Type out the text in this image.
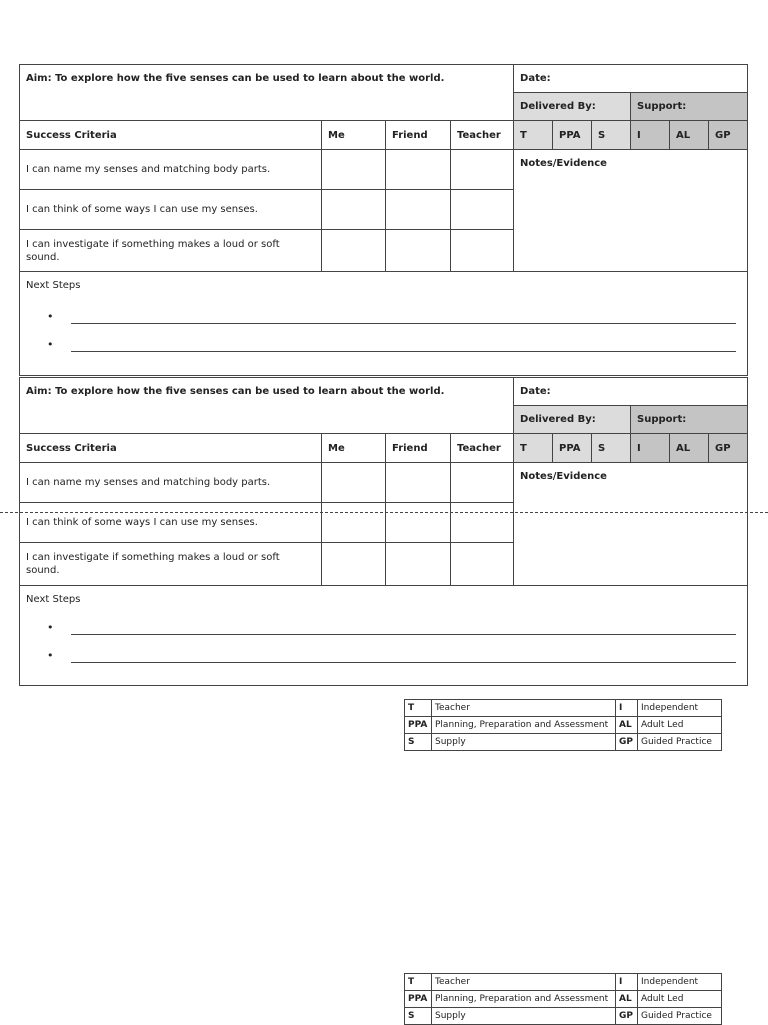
Aim: To explore how the five senses can be used to learn about the world.				Date:					
				Delivered By:			Support:		
Success Criteria	Me	Friend	Teacher	T	PPA	S	I	AL	GP
I can name my senses and matching body parts.				Notes/Evidence					
I can think of some ways I can use my senses.									
I can investigate if something makes a loud or soft sound.									

Next Steps
•
•									
Aim: To explore how the five senses can be used to learn about the world.				Date:					
				Delivered By:			Support:		
Success Criteria	Me	Friend	Teacher	T	PPA	S	I	AL	GP
I can name my senses and matching body parts.				Notes/Evidence					
I can think of some ways I can use my senses.									
I can investigate if something makes a loud or soft sound.									

Next Steps
•
•									
T	Teacher	I	Independent
PPA	Planning, Preparation and Assessment	AL	Adult Led
S	Supply	GP	Guided Practice
T	Teacher	I	Independent
PPA	Planning, Preparation and Assessment	AL	Adult Led
S	Supply	GP	Guided Practice
